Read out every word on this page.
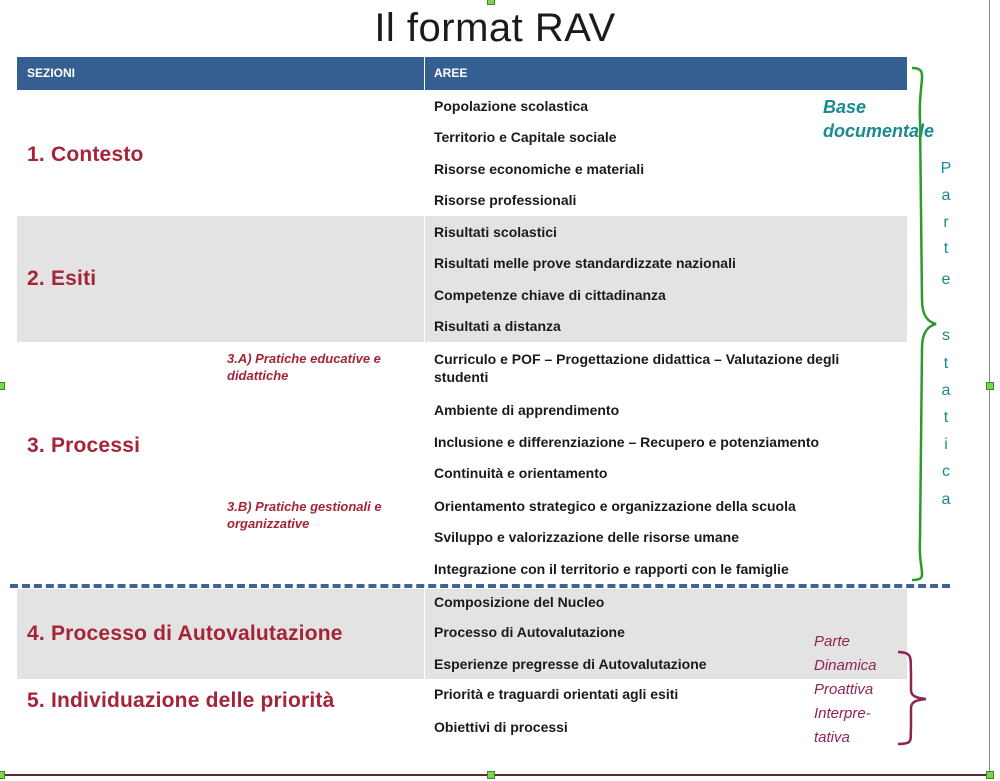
Il format RAV
SEZIONI	AREE
1. Contesto
2. Esiti
3. Processi
4. Processo di Autovalutazione
5. Individuazione delle priorità
3.A) Pratiche educative e didattiche
3.B) Pratiche gestionali e organizzative
Popolazione scolastica
Territorio e Capitale sociale
Risorse economiche e materiali
Risorse professionali
Risultati scolastici
Risultati melle prove standardizzate nazionali
Competenze chiave di cittadinanza
Risultati a distanza
Curriculo e POF – Progettazione didattica – Valutazione degli studenti
Ambiente di apprendimento
Inclusione e differenziazione – Recupero e potenziamento
Continuità e orientamento
Orientamento strategico e organizzazione della scuola
Sviluppo e valorizzazione delle risorse umane
Integrazione con il territorio e rapporti con le famiglie
Composizione del Nucleo
Processo di Autovalutazione
Esperienze pregresse di Autovalutazione
Priorità e traguardi orientati agli esiti
Obiettivi di processi
Base
documentale
P
a
r
t
e
s
t
a
t
i
c
a
Parte
Dinamica
Proattiva
Interpre-
tativa
